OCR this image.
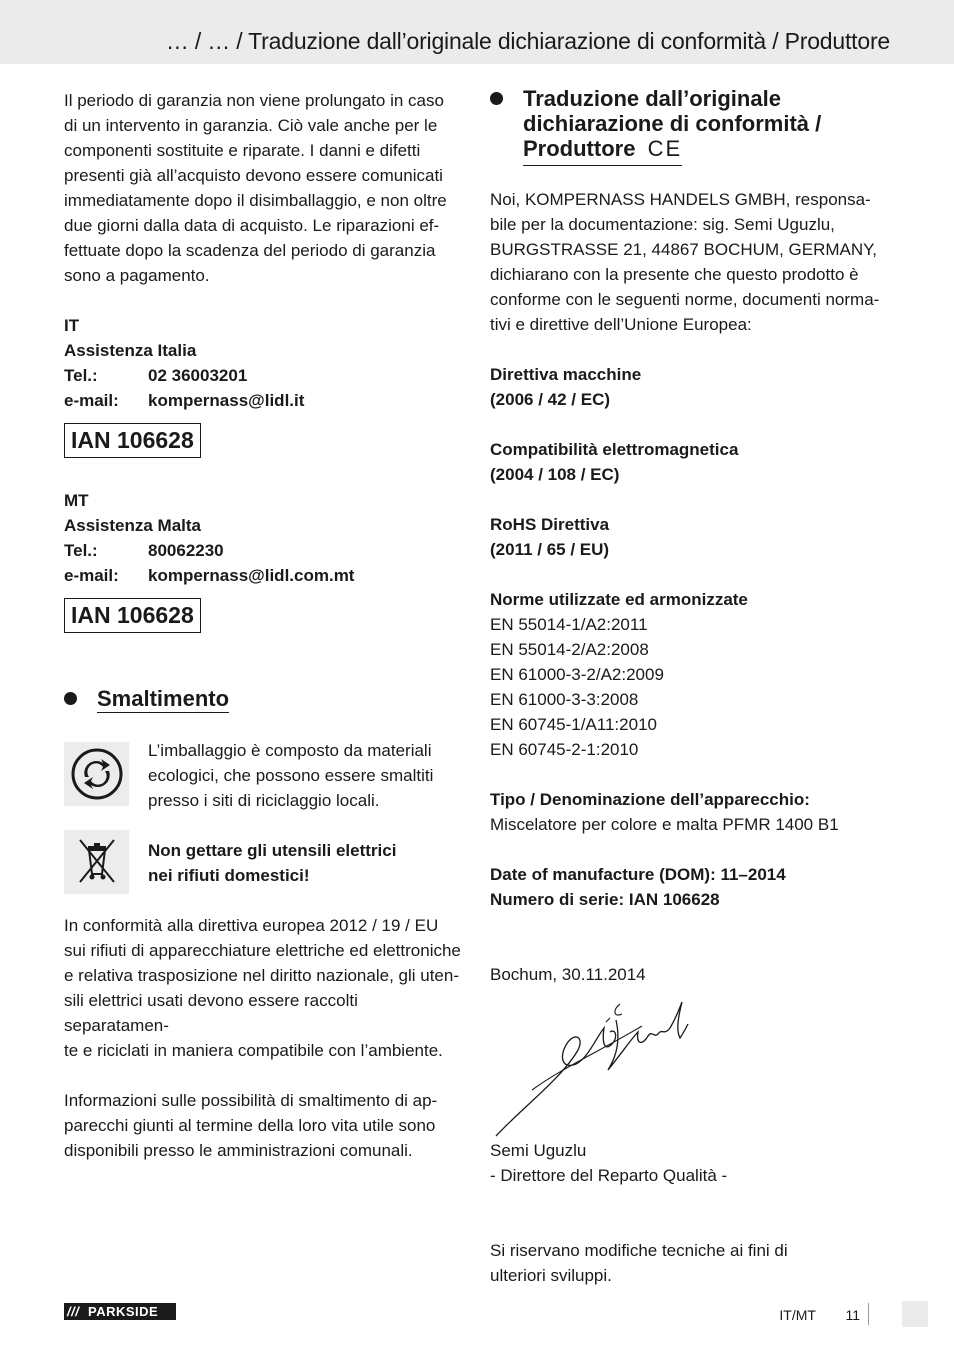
… / … / Traduzione dall’originale dichiarazione di conformità / Produttore

Il periodo di garanzia non viene prolungato in caso

di un intervento in garanzia. Ciò vale anche per le

componenti sostituite e riparate. I danni e difetti

presenti già all’acquisto devono essere comunicati

immediatamente dopo il disimballaggio, e non oltre

due giorni dalla data di acquisto. Le riparazioni ef-

fettuate dopo la scadenza del periodo di garanzia

sono a pagamento.

IT

Assistenza Italia

Tel.:	02 36003201
e-mail:	kompernass@lidl.it
IAN 106628

MT

Assistenza Malta

Tel.:	80062230
e-mail:	kompernass@lidl.com.mt
IAN 106628
Smaltimento

L’imballaggio è composto da materiali

ecologici, che possono essere smaltiti

presso i siti di riciclaggio locali.

Non gettare gli utensili elettrici

nei rifiuti domestici!

In conformità alla direttiva europea 2012 / 19 / EU

sui rifiuti di apparecchiature elettriche ed elettroniche

e relativa trasposizione nel diritto nazionale, gli uten-

sili elettrici usati devono essere raccolti separatamen-

te e riciclati in maniera compatibile con l’ambiente.

Informazioni sulle possibilità di smaltimento di ap-

parecchi giunti al termine della loro vita utile sono

disponibili presso le amministrazioni comunali.

Traduzione dall’originale
dichiarazione di conformità /
Produttore CE

Noi, KOMPERNASS HANDELS GMBH, responsa-

bile per la documentazione: sig. Semi Uguzlu,

BURGSTRASSE 21, 44867 BOCHUM, GERMANY,

dichiarano con la presente che questo prodotto è

conforme con le seguenti norme, documenti norma-

tivi e direttive dell’Unione Europea:

Direttiva macchine

(2006 / 42 / EC)

Compatibilità elettromagnetica

(2004 / 108 / EC)

RoHS Direttiva

(2011 / 65 / EU)

Norme utilizzate ed armonizzate

EN 55014-1/A2:2011

EN 55014-2/A2:2008

EN 61000-3-2/A2:2009

EN 61000-3-3:2008

EN 60745-1/A11:2010

EN 60745-2-1:2010

Tipo / Denominazione dell’apparecchio:

Miscelatore per colore e malta PFMR 1400 B1

Date of manufacture (DOM): 11–2014

Numero di serie: IAN 106628

Bochum, 30.11.2014

Semi Uguzlu

- Direttore del Reparto Qualità -

Si riservano modifiche tecniche ai fini di

ulteriori sviluppi.

/// PARKSIDE	IT/MT 11
